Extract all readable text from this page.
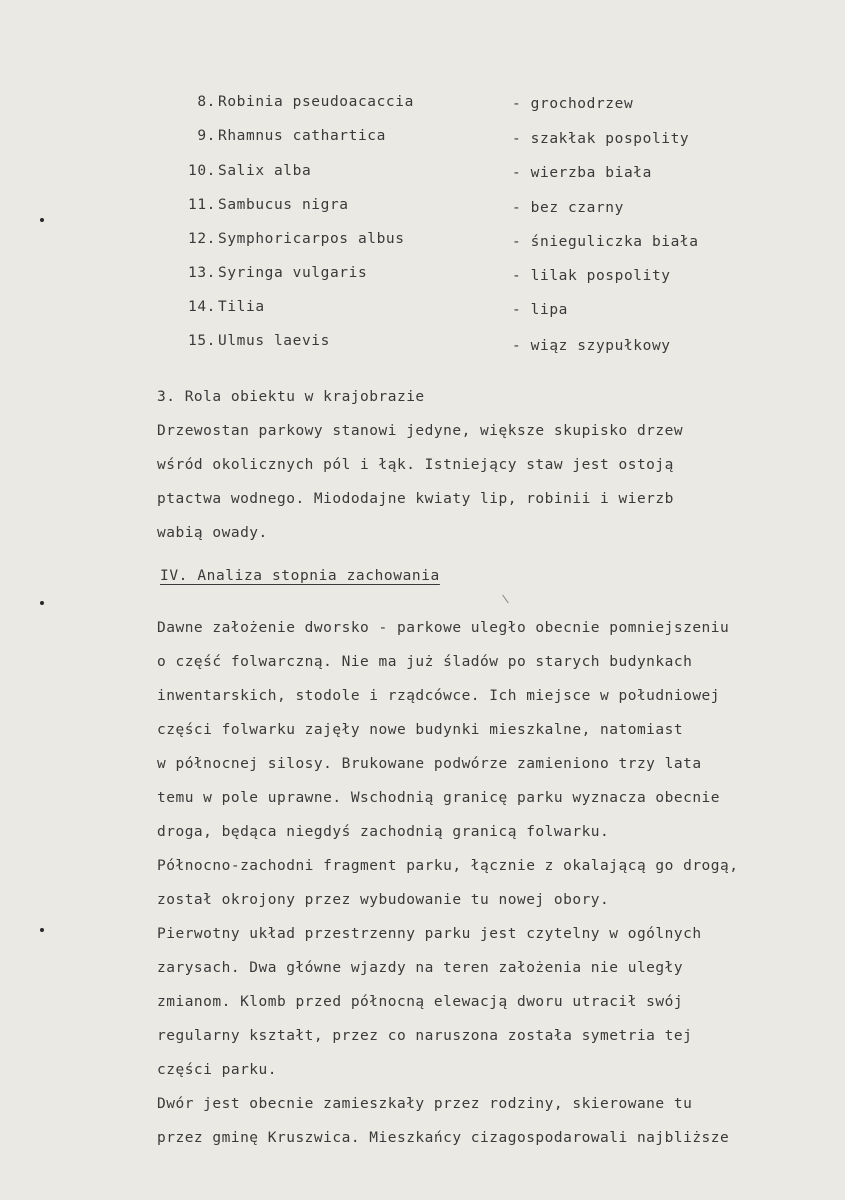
8. Robinia pseudoacaccia	- grochodrzew
9. Rhamnus cathartica	- szakłak pospolity
10. Salix alba	- wierzba biała
11. Sambucus nigra	- bez czarny
12. Symphoricarpos albus	- śnieguliczka biała
13. Syringa vulgaris	- lilak pospolity
14. Tilia	- lipa
15. Ulmus laevis	- wiąz szypułkowy
3. Rola obiektu w krajobrazie
Drzewostan parkowy stanowi jedyne, większe skupisko drzew
wśród okolicznych pól i łąk. Istniejący staw jest ostoją
ptactwa wodnego. Miododajne kwiaty lip, robinii i wierzb
wabią owady.
IV. Analiza stopnia zachowania
Dawne założenie dworsko - parkowe uległo obecnie pomniejszeniu
o część folwarczną. Nie ma już śladów po starych budynkach
inwentarskich, stodole i rządcówce. Ich miejsce w południowej
części folwarku zajęły nowe budynki mieszkalne, natomiast
w północnej silosy. Brukowane podwórze zamieniono trzy lata
temu w pole uprawne. Wschodnią granicę parku wyznacza obecnie
droga, będąca niegdyś zachodnią granicą folwarku.
Północno-zachodni fragment parku, łącznie z okalającą go drogą,
został okrojony przez wybudowanie tu nowej obory.
Pierwotny układ przestrzenny parku jest czytelny w ogólnych
zarysach. Dwa główne wjazdy na teren założenia nie uległy
zmianom. Klomb przed północną elewacją dworu utracił swój
regularny kształt, przez co naruszona została symetria tej
części parku.
Dwór jest obecnie zamieszkały przez rodziny, skierowane tu
przez gminę Kruszwica. Mieszkańcy cizagospodarowali najbliższe
